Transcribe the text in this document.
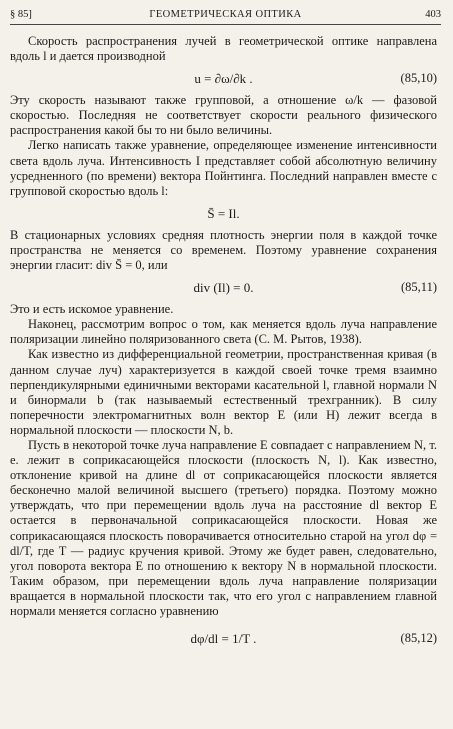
§ 85]	ГЕОМЕТРИЧЕСКАЯ ОПТИКА	403

Скорость распространения лучей в геометрической оптике направлена вдоль l и дается производной

u = ∂ω/∂k .	(85,10)

Эту скорость называют также групповой, а отношение ω/k — фазовой скоростью. Последняя не соответствует скорости реального физического распространения какой бы то ни было величины.

Легко написать также уравнение, определяющее изменение интенсивности света вдоль луча. Интенсивность I представляет собой абсолютную величину усредненного (по времени) вектора Пойнтинга. Последний направлен вместе с групповой скоростью вдоль l:

S̄ = Il.

В стационарных условиях средняя плотность энергии поля в каждой точке пространства не меняется со временем. Поэтому уравнение сохранения энергии гласит: div S̄ = 0, или

div (Il) = 0.	(85,11)

Это и есть искомое уравнение.

Наконец, рассмотрим вопрос о том, как меняется вдоль луча направление поляризации линейно поляризованного света (С. М. Рытов, 1938).

Как известно из дифференциальной геометрии, пространственная кривая (в данном случае луч) характеризуется в каждой своей точке тремя взаимно перпендикулярными единичными векторами касательной l, главной нормали N и бинормали b (так называемый естественный трехгранник). В силу поперечности электромагнитных волн вектор E (или H) лежит всегда в нормальной плоскости — плоскости N, b.

Пусть в некоторой точке луча направление E совпадает с направлением N, т. е. лежит в соприкасающейся плоскости (плоскость N, l). Как известно, отклонение кривой на длине dl от соприкасающейся плоскости является бесконечно малой величиной высшего (третьего) порядка. Поэтому можно утверждать, что при перемещении вдоль луча на расстояние dl вектор E остается в первоначальной соприкасающейся плоскости. Новая же соприкасающаяся плоскость поворачивается относительно старой на угол dφ = dl/T, где T — радиус кручения кривой. Этому же будет равен, следовательно, угол поворота вектора E по отношению к вектору N в нормальной плоскости. Таким образом, при перемещении вдоль луча направление поляризации вращается в нормальной плоскости так, что его угол с направлением главной нормали меняется согласно уравнению

dφ/dl = 1/T .	(85,12)
